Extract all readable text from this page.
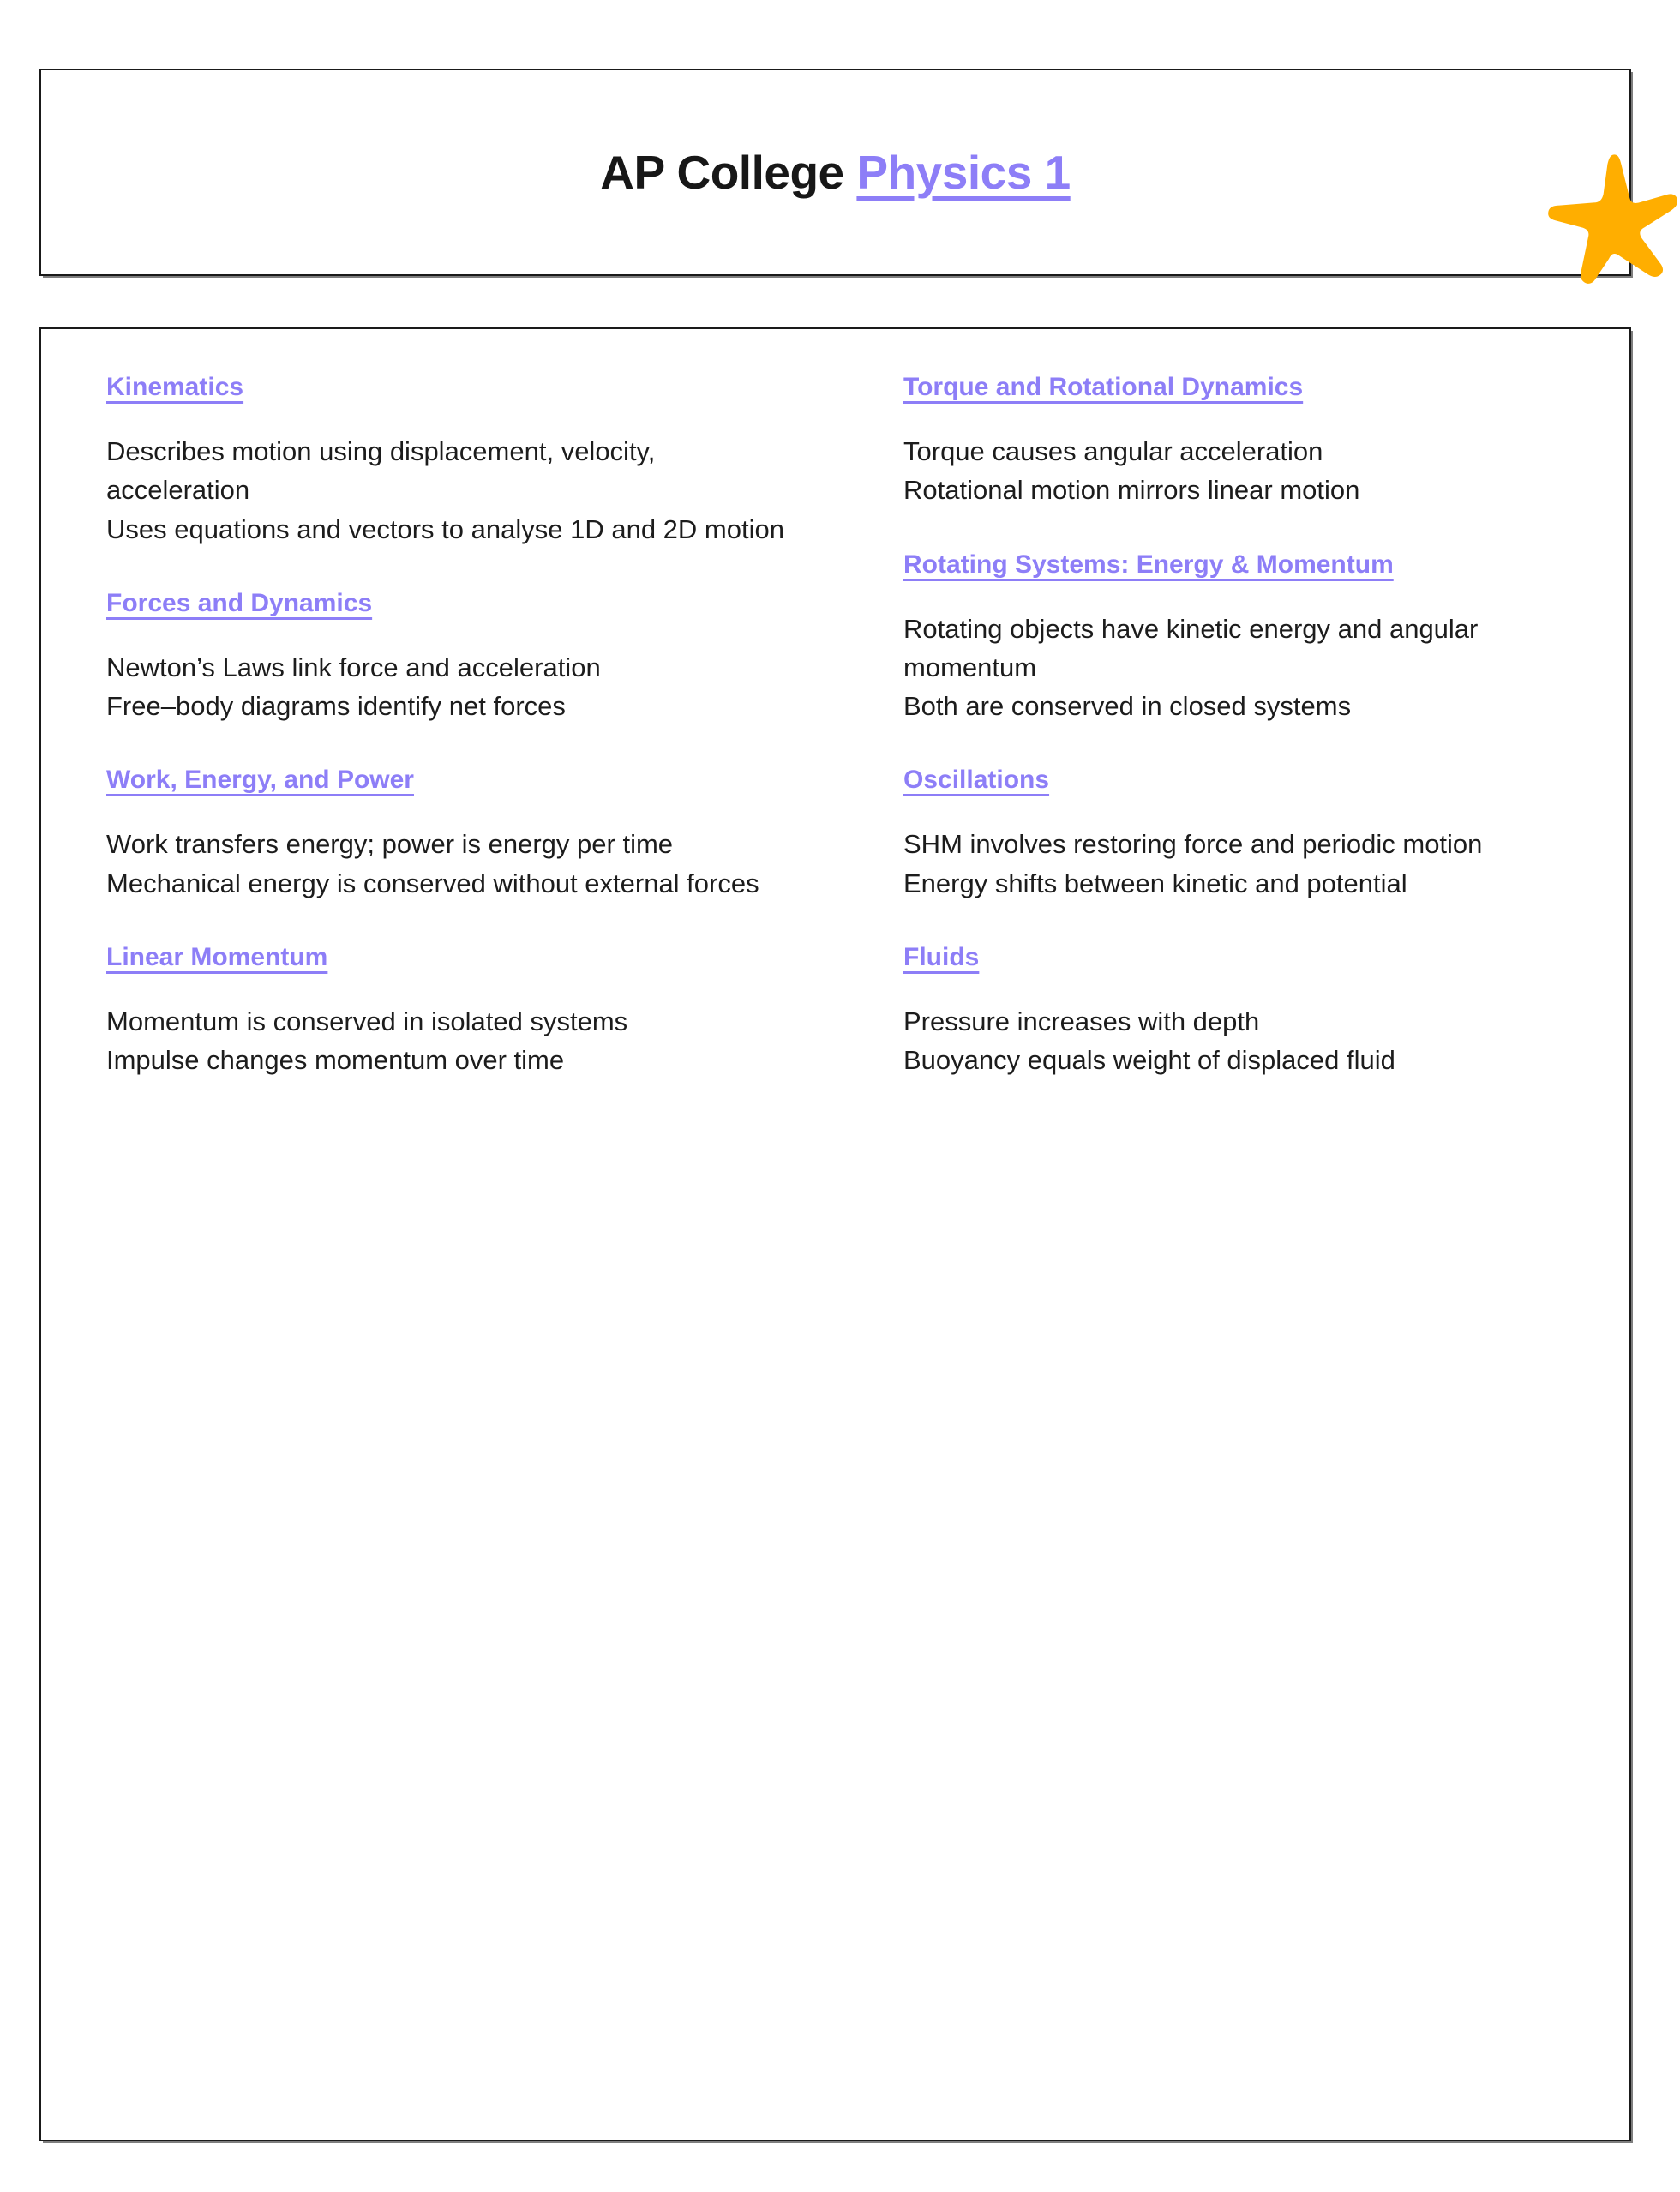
AP College Physics 1
Kinematics
Describes motion using displacement, velocity, acceleration
Uses equations and vectors to analyse 1D and 2D motion
Forces and Dynamics
Newton’s Laws link force and acceleration
Free–body diagrams identify net forces
Work, Energy, and Power
Work transfers energy; power is energy per time
Mechanical energy is conserved without external forces
Linear Momentum
Momentum is conserved in isolated systems
Impulse changes momentum over time
Torque and Rotational Dynamics
Torque causes angular acceleration
Rotational motion mirrors linear motion
Rotating Systems: Energy & Momentum
Rotating objects have kinetic energy and angular momentum
Both are conserved in closed systems
Oscillations
SHM involves restoring force and periodic motion
Energy shifts between kinetic and potential
Fluids
Pressure increases with depth
Buoyancy equals weight of displaced fluid
